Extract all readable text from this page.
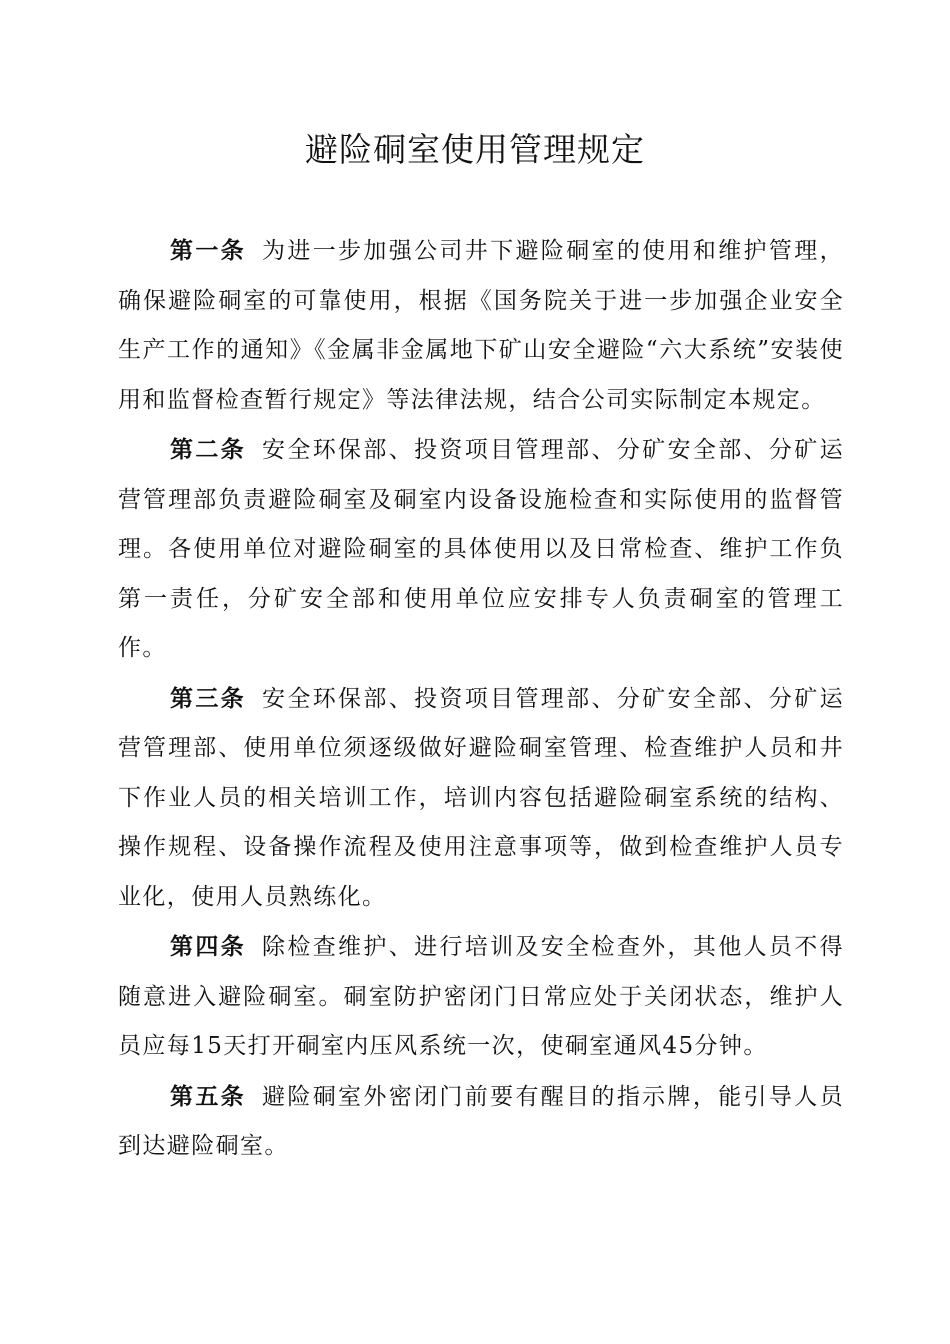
避险硐室使用管理规定

第一条 为进一步加强公司井下避险硐室的使用和维护管理，确保避险硐室的可靠使用，根据《国务院关于进一步加强企业安全生产工作的通知》《金属非金属地下矿山安全避险“六大系统”安装使用和监督检查暂行规定》等法律法规，结合公司实际制定本规定。

第二条 安全环保部、投资项目管理部、分矿安全部、分矿运营管理部负责避险硐室及硐室内设备设施检查和实际使用的监督管理。各使用单位对避险硐室的具体使用以及日常检查、维护工作负第一责任，分矿安全部和使用单位应安排专人负责硐室的管理工作。

第三条 安全环保部、投资项目管理部、分矿安全部、分矿运营管理部、使用单位须逐级做好避险硐室管理、检查维护人员和井下作业人员的相关培训工作，培训内容包括避险硐室系统的结构、操作规程、设备操作流程及使用注意事项等，做到检查维护人员专业化，使用人员熟练化。

第四条 除检查维护、进行培训及安全检查外，其他人员不得随意进入避险硐室。硐室防护密闭门日常应处于关闭状态，维护人员应每15天打开硐室内压风系统一次，使硐室通风45分钟。

第五条 避险硐室外密闭门前要有醒目的指示牌，能引导人员到达避险硐室。
